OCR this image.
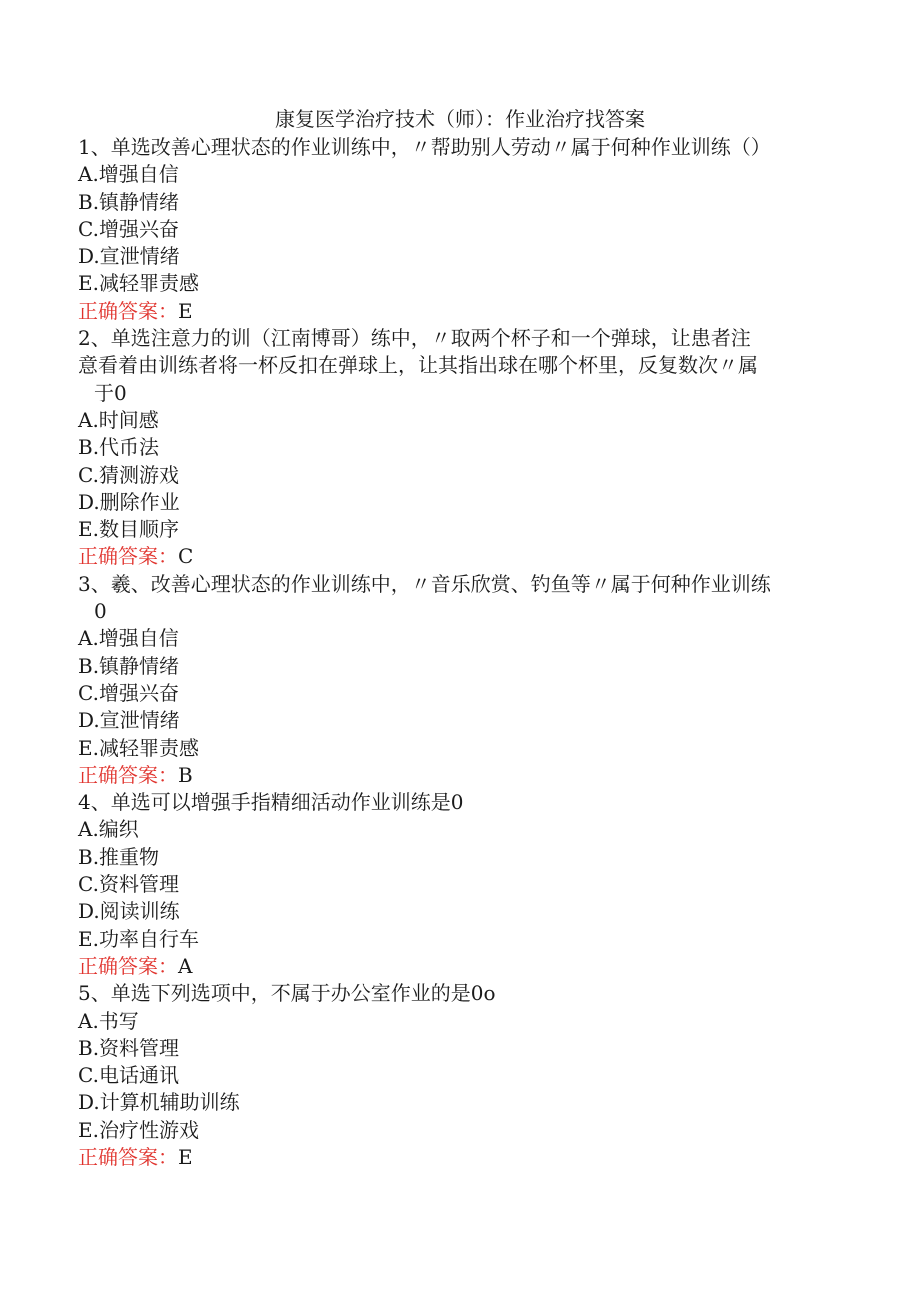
康复医学治疗技术（师）：作业治疗找答案
1、单选改善心理状态的作业训练中，〃帮助别人劳动〃属于何种作业训练（）
A.增强自信
B.镇静情绪
C.增强兴奋
D.宣泄情绪
E.减轻罪责感
正确答案：E
2、单选注意力的训（江南博哥）练中，〃取两个杯子和一个弹球，让患者注
意看着由训练者将一杯反扣在弹球上，让其指出球在哪个杯里，反复数次〃属
于0
A.时间感
B.代币法
C.猜测游戏
D.删除作业
E.数目顺序
正确答案：C
3、羲、改善心理状态的作业训练中，〃音乐欣赏、钓鱼等〃属于何种作业训练
0
A.增强自信
B.镇静情绪
C.增强兴奋
D.宣泄情绪
E.减轻罪责感
正确答案：B
4、单选可以增强手指精细活动作业训练是0
A.编织
B.推重物
C.资料管理
D.阅读训练
E.功率自行车
正确答案：A
5、单选下列选项中，不属于办公室作业的是0o
A.书写
B.资料管理
C.电话通讯
D.计算机辅助训练
E.治疗性游戏
正确答案：E
